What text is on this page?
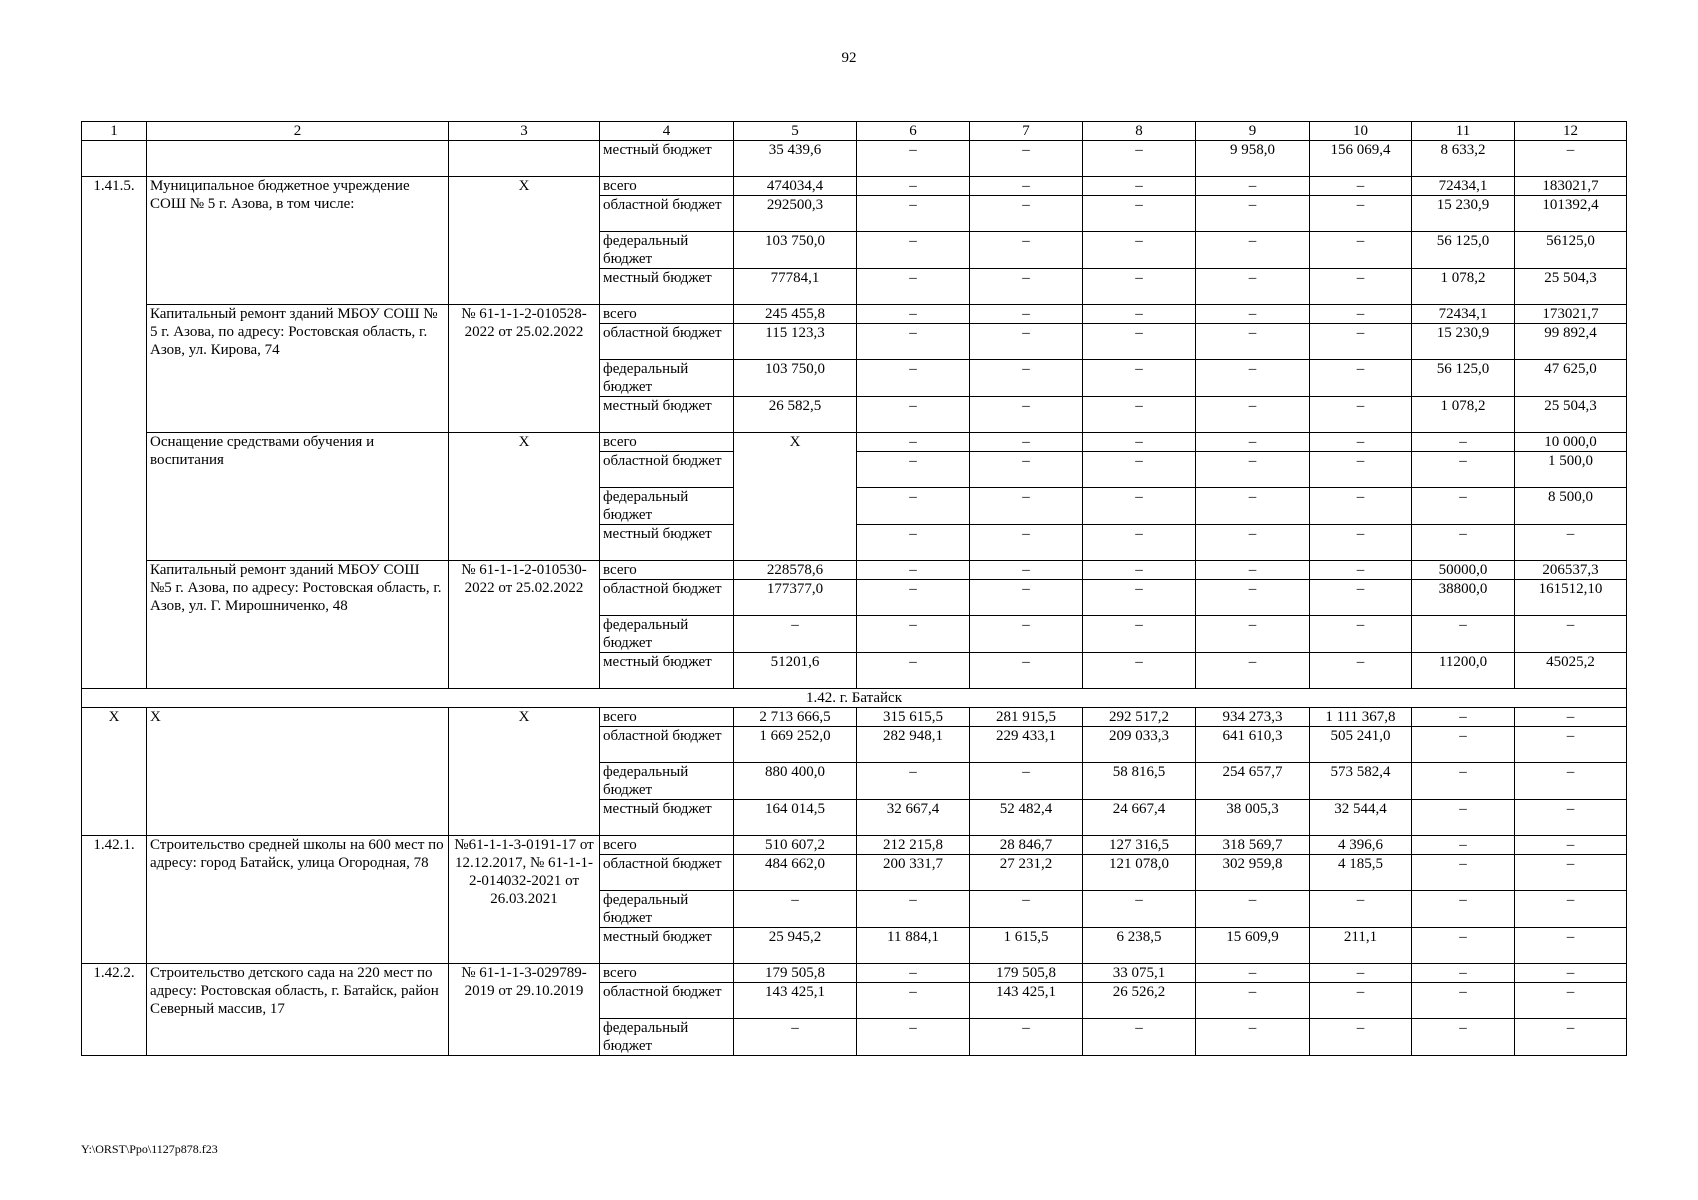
92
1	2	3	4	5	6	7	8	9	10	11	12
			местный бюджет	35 439,6	–	–	–	9 958,0	156 069,4	8 633,2	–
1.41.5.	Муниципальное бюджетное учреждение СОШ № 5 г. Азова, в том числе:	X	всего	474034,4	–	–	–	–	–	72434,1	183021,7
			областной бюджет	292500,3	–	–	–	–	–	15 230,9	101392,4
			федеральный бюджет	103 750,0	–	–	–	–	–	56 125,0	56125,0
			местный бюджет	77784,1	–	–	–	–	–	1 078,2	25 504,3
	Капитальный ремонт зданий МБОУ СОШ № 5 г. Азова, по адресу: Ростовская область, г. Азов, ул. Кирова, 74	№ 61-1-1-2-010528-2022 от 25.02.2022	всего	245 455,8	–	–	–	–	–	72434,1	173021,7
			областной бюджет	115 123,3	–	–	–	–	–	15 230,9	99 892,4
			федеральный бюджет	103 750,0	–	–	–	–	–	56 125,0	47 625,0
			местный бюджет	26 582,5	–	–	–	–	–	1 078,2	25 504,3
	Оснащение средствами обучения и воспитания	X	всего	X	–	–	–	–	–	–	10 000,0
			областной бюджет		–	–	–	–	–	–	1 500,0
			федеральный бюджет		–	–	–	–	–	–	8 500,0
			местный бюджет		–	–	–	–	–	–	–
	Капитальный ремонт зданий МБОУ СОШ №5 г. Азова, по адресу: Ростовская область, г. Азов, ул. Г. Мирошниченко, 48	№ 61-1-1-2-010530-2022 от 25.02.2022	всего	228578,6	–	–	–	–	–	50000,0	206537,3
			областной бюджет	177377,0	–	–	–	–	–	38800,0	161512,10
			федеральный бюджет	–	–	–	–	–	–	–	–
			местный бюджет	51201,6	–	–	–	–	–	11200,0	45025,2
1.42. г. Батайск											
X	X	X	всего	2 713 666,5	315 615,5	281 915,5	292 517,2	934 273,3	1 111 367,8	–	–
			областной бюджет	1 669 252,0	282 948,1	229 433,1	209 033,3	641 610,3	505 241,0	–	–
			федеральный бюджет	880 400,0	–	–	58 816,5	254 657,7	573 582,4	–	–
			местный бюджет	164 014,5	32 667,4	52 482,4	24 667,4	38 005,3	32 544,4	–	–
1.42.1.	Строительство средней школы на 600 мест по адресу: город Батайск, улица Огородная, 78	№61-1-1-3-0191-17 от 12.12.2017, № 61-1-1-2-014032-2021 от 26.03.2021	всего	510 607,2	212 215,8	28 846,7	127 316,5	318 569,7	4 396,6	–	–
			областной бюджет	484 662,0	200 331,7	27 231,2	121 078,0	302 959,8	4 185,5	–	–
			федеральный бюджет	–	–	–	–	–	–	–	–
			местный бюджет	25 945,2	11 884,1	1 615,5	6 238,5	15 609,9	211,1	–	–
1.42.2.	Строительство детского сада на 220 мест по адресу: Ростовская область, г. Батайск, район Северный массив, 17	№ 61-1-1-3-029789-2019 от 29.10.2019	всего	179 505,8	–	179 505,8	33 075,1	–	–	–	–
			областной бюджет	143 425,1	–	143 425,1	26 526,2	–	–	–	–
			федеральный бюджет	–	–	–	–	–	–	–	–
Y:\ORST\Ppo\1127p878.f23
